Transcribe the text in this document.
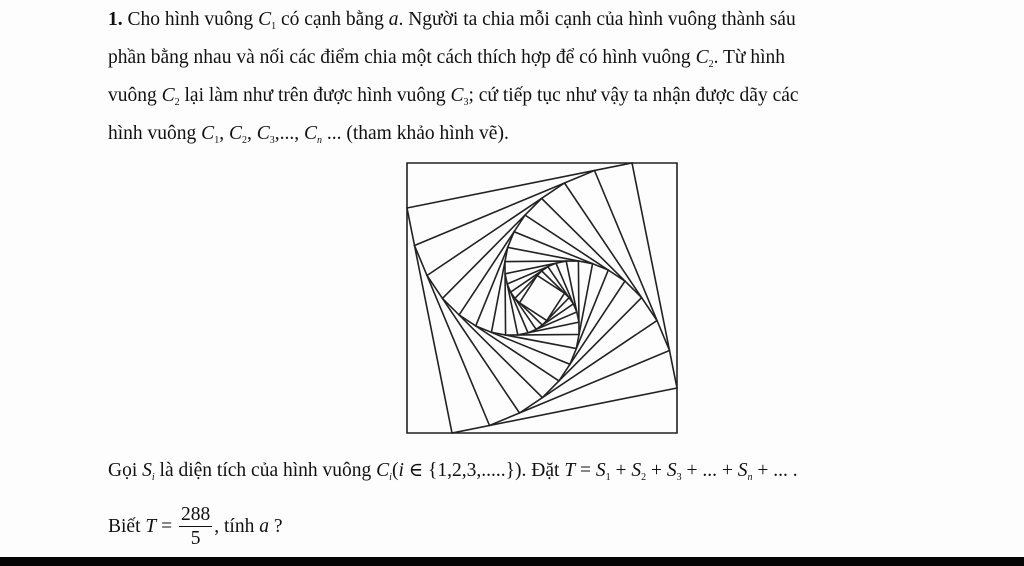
1. Cho hình vuông $C_1$ có cạnh bằng a. Người ta chia mỗi cạnh của hình vuông thành sáu
phần bằng nhau và nối các điểm chia một cách thích hợp để có hình vuông $C_2$. Từ hình
vuông $C_2$ lại làm như trên được hình vuông $C_3$; cứ tiếp tục như vậy ta nhận được dãy các
hình vuông $C_1$, $C_2$, $C_3$,..., $C_n$ ... (tham khảo hình vẽ).
Gọi $S_i$ là diện tích của hình vuông $C_i(i$ ∈ {1,2,3,.....}). Đặt $T = S_1 + S_2 + S_3$ + ... + $S_n$ + ... .
Biết $T = \frac{288}{5}$ , tính a ?
